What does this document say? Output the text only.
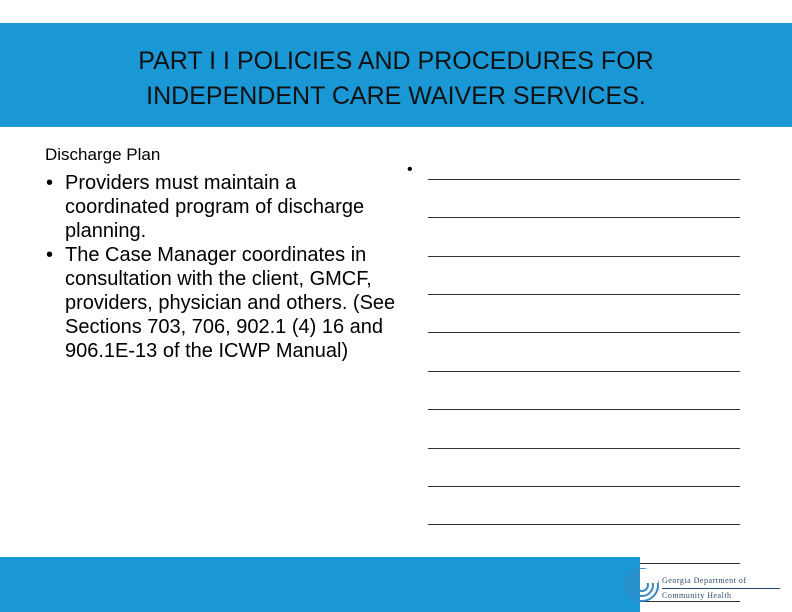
PART I I POLICIES AND PROCEDURES FOR
INDEPENDENT CARE WAIVER SERVICES.
Discharge Plan
• Providers must maintain a coordinated program of discharge planning.
• The Case Manager coordinates in consultation with the client, GMCF, providers, physician and others. (See Sections 703, 706, 902.1 (4) 16 and 906.1E-13 of the ICWP Manual)
•
Georgia Department of
Community Health
